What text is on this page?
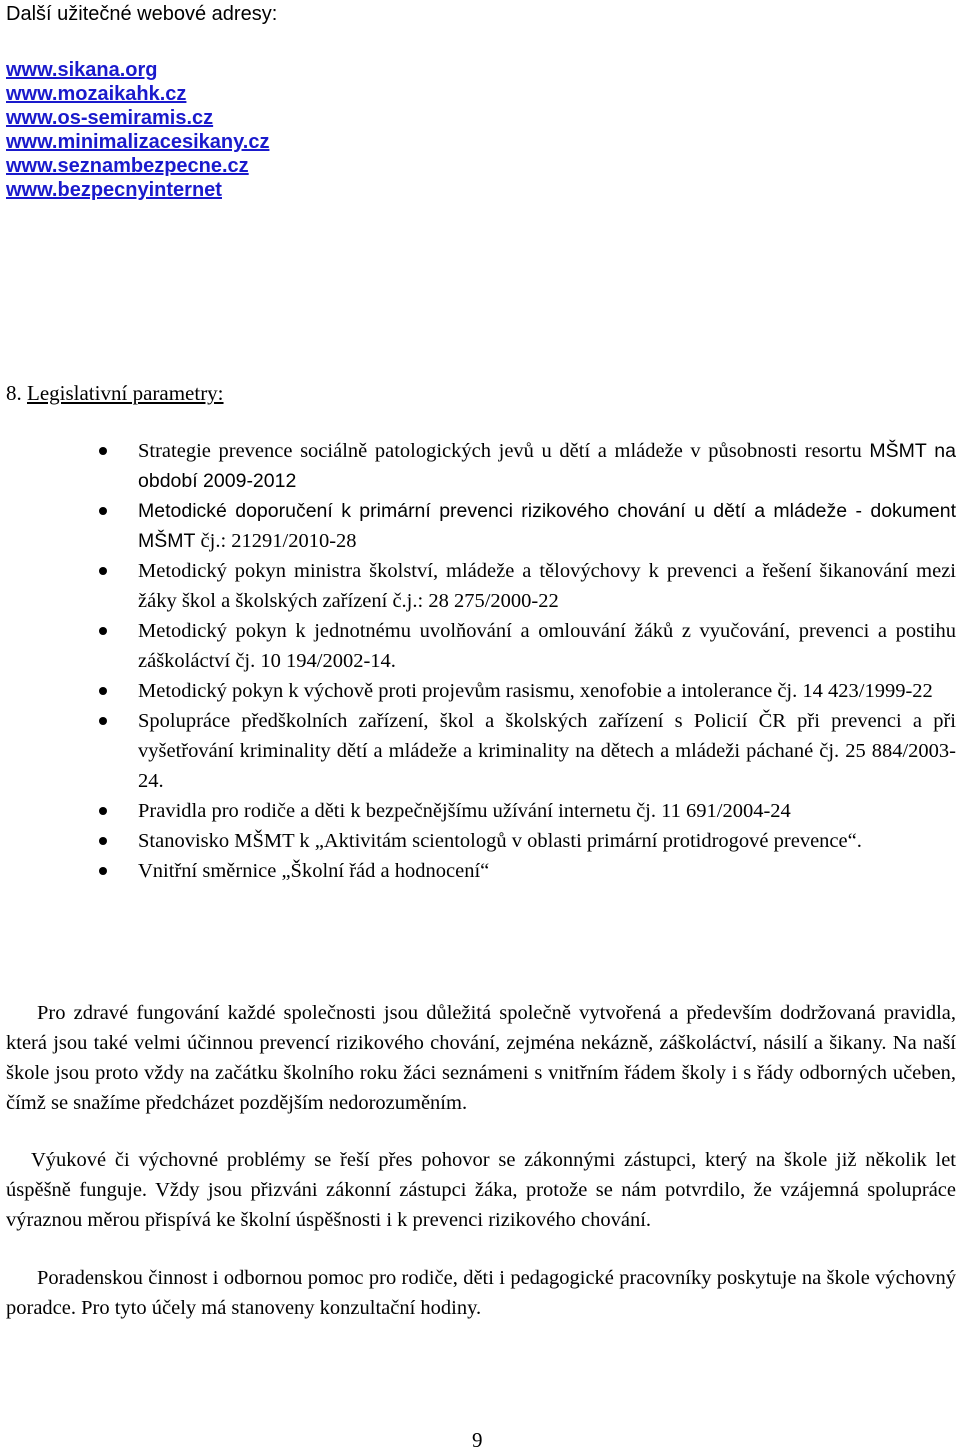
Další užitečné webové adresy:
www.sikana.org
www.mozaikahk.cz
www.os-semiramis.cz
www.minimalizacesikany.cz
www.seznambezpecne.cz
www.bezpecnyinternet
8. Legislativní parametry:
Strategie prevence sociálně patologických jevů u dětí a mládeže v působnosti resortu MŠMT na období 2009-2012
Metodické doporučení k primární prevenci rizikového chování u dětí a mládeže - dokument MŠMT čj.: 21291/2010-28
Metodický pokyn ministra školství, mládeže a tělovýchovy k prevenci a řešení šikanování mezi žáky škol a školských zařízení č.j.: 28 275/2000-22
Metodický pokyn k jednotnému uvolňování a omlouvání žáků z vyučování, prevenci a postihu záškoláctví čj. 10 194/2002-14.
Metodický pokyn k výchově proti projevům rasismu, xenofobie a intolerance čj. 14 423/1999-22
Spolupráce předškolních zařízení, škol a školských zařízení s Policií ČR při prevenci a při vyšetřování kriminality dětí a mládeže a kriminality na dětech a mládeži páchané čj. 25 884/2003-24.
Pravidla pro rodiče a děti k bezpečnějšímu užívání internetu čj. 11 691/2004-24
Stanovisko MŠMT k „Aktivitám scientologů v oblasti primární protidrogové prevence“.
Vnitřní směrnice „Školní řád a hodnocení“

Pro zdravé fungování každé společnosti jsou důležitá společně vytvořená a především dodržovaná pravidla, která jsou také velmi účinnou prevencí rizikového chování, zejména nekázně, záškoláctví, násilí a šikany. Na naší škole jsou proto vždy na začátku školního roku žáci seznámeni s vnitřním řádem školy i s řády odborných učeben, čímž se snažíme předcházet pozdějším nedorozuměním.

Výukové či výchovné problémy se řeší přes pohovor se zákonnými zástupci, který na škole již několik let úspěšně funguje. Vždy jsou přizváni zákonní zástupci žáka, protože se nám potvrdilo, že vzájemná spolupráce výraznou měrou přispívá ke školní úspěšnosti i k prevenci rizikového chování.

Poradenskou činnost i odbornou pomoc pro rodiče, děti i pedagogické pracovníky poskytuje na škole výchovný poradce. Pro tyto účely má stanoveny konzultační hodiny.

9
